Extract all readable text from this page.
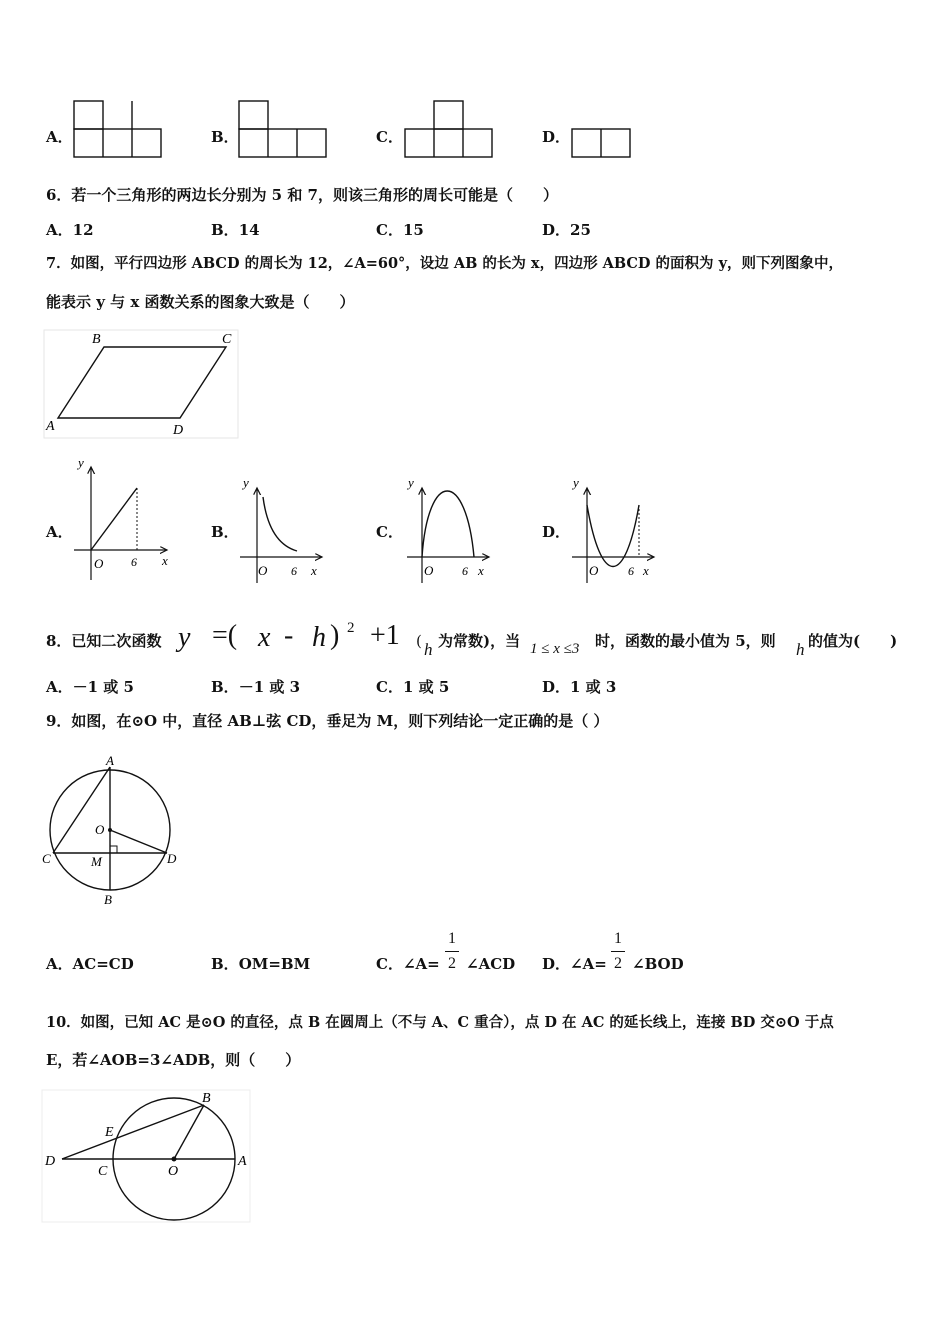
A．	B．	C．	D．
6．若一个三角形的两边长分别为 5 和 7，则该三角形的周长可能是（　　）
A．12	B．14	C．15	D．25
7．如图，平行四边形 ABCD 的周长为 12，∠A=60°，设边 AB 的长为 x，四边形 ABCD 的面积为 y，则下列图象中，
能表示 y 与 x 函数关系的图象大致是（　　）
A
B	C
D
A．
y
x
O 6
B．
y
x
O 6
C．
y
x
O 6
D．
y
x
O 6
8．已知二次函数 y =( x - h ) 2 +1 ( h 为常数)，当 1 ≤ x ≤3 时，函数的最小值为 5，则 h 的值为(　　)
A．－1 或 5	B．－1 或 3	C．1 或 5	D．1 或 3
9．如图，在⊙O 中，直径 AB⊥弦 CD，垂足为 M，则下列结论一定正确的是（ ）
A
B
C	D
O
M
A．AC=CD	B．OM=BM	C．∠A=
1
2 ∠ACD D．∠A=
1
2 ∠BOD
10．如图，已知 AC 是⊙O 的直径，点 B 在圆周上（不与 A、C 重合），点 D 在 AC 的延长线上，连接 BD 交⊙O 于点
E，若∠AOB=3∠ADB，则（　　）
D
E
C	O
A
B
